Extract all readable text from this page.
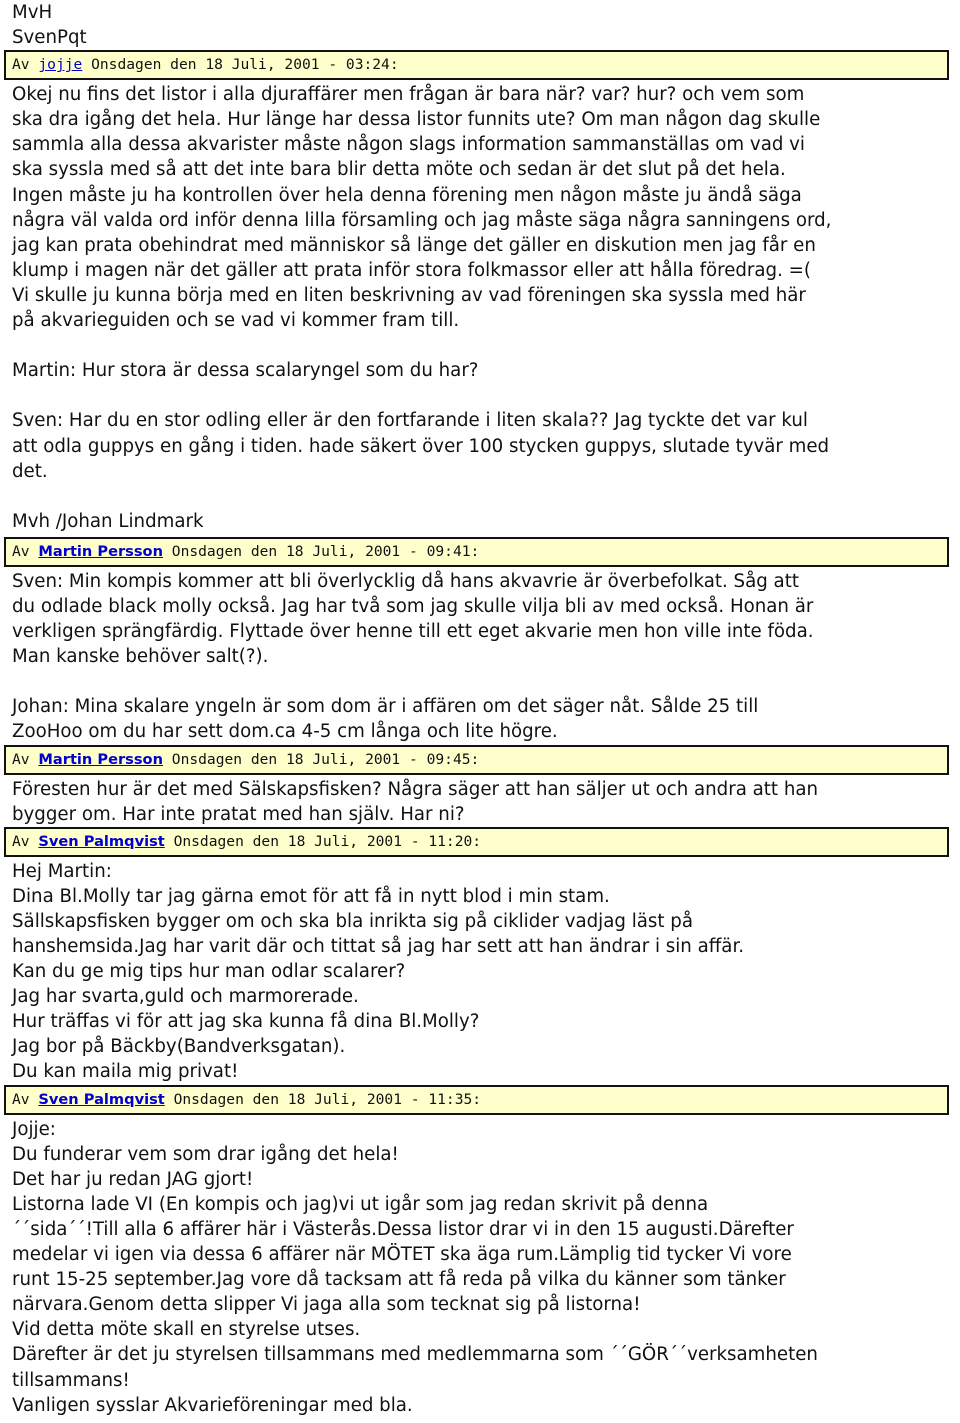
MvH
SvenPqt
Av jojje Onsdagen den 18 Juli, 2001 - 03:24:
Okej nu fins det listor i alla djuraffärer men frågan är bara när? var? hur? och vem som
ska dra igång det hela. Hur länge har dessa listor funnits ute? Om man någon dag skulle
sammla alla dessa akvarister måste någon slags information sammanställas om vad vi
ska syssla med så att det inte bara blir detta möte och sedan är det slut på det hela.
Ingen måste ju ha kontrollen över hela denna förening men någon måste ju ändå säga
några väl valda ord inför denna lilla församling och jag måste säga några sanningens ord,
jag kan prata obehindrat med människor så länge det gäller en diskution men jag får en
klump i magen när det gäller att prata inför stora folkmassor eller att hålla föredrag. =(
Vi skulle ju kunna börja med en liten beskrivning av vad föreningen ska syssla med här
på akvarieguiden och se vad vi kommer fram till.
Martin: Hur stora är dessa scalaryngel som du har?
Sven: Har du en stor odling eller är den fortfarande i liten skala?? Jag tyckte det var kul
att odla guppys en gång i tiden. hade säkert över 100 stycken guppys, slutade tyvär med
det.
Mvh /Johan Lindmark
Av Martin Persson Onsdagen den 18 Juli, 2001 - 09:41:
Sven: Min kompis kommer att bli överlycklig då hans akvavrie är överbefolkat. Såg att
du odlade black molly också. Jag har två som jag skulle vilja bli av med också. Honan är
verkligen sprängfärdig. Flyttade över henne till ett eget akvarie men hon ville inte föda.
Man kanske behöver salt(?).
Johan: Mina skalare yngeln är som dom är i affären om det säger nåt. Sålde 25 till
ZooHoo om du har sett dom.ca 4-5 cm långa och lite högre.
Av Martin Persson Onsdagen den 18 Juli, 2001 - 09:45:
Föresten hur är det med Sälskapsfisken? Några säger att han säljer ut och andra att han
bygger om. Har inte pratat med han själv. Har ni?
Av Sven Palmqvist Onsdagen den 18 Juli, 2001 - 11:20:
Hej Martin:
Dina Bl.Molly tar jag gärna emot för att få in nytt blod i min stam.
Sällskapsfisken bygger om och ska bla inrikta sig på ciklider vadjag läst på
hanshemsida.Jag har varit där och tittat så jag har sett att han ändrar i sin affär.
Kan du ge mig tips hur man odlar scalarer?
Jag har svarta,guld och marmorerade.
Hur träffas vi för att jag ska kunna få dina Bl.Molly?
Jag bor på Bäckby(Bandverksgatan).
Du kan maila mig privat!
Av Sven Palmqvist Onsdagen den 18 Juli, 2001 - 11:35:
Jojje:
Du funderar vem som drar igång det hela!
Det har ju redan JAG gjort!
Listorna lade VI (En kompis och jag)vi ut igår som jag redan skrivit på denna
´´sida´´!Till alla 6 affärer här i Västerås.Dessa listor drar vi in den 15 augusti.Därefter
medelar vi igen via dessa 6 affärer när MÖTET ska äga rum.Lämplig tid tycker Vi vore
runt 15-25 september.Jag vore då tacksam att få reda på vilka du känner som tänker
närvara.Genom detta slipper Vi jaga alla som tecknat sig på listorna!
Vid detta möte skall en styrelse utses.
Därefter är det ju styrelsen tillsammans med medlemmarna som ´´GÖR´´verksamheten
tillsammans!
Vanligen sysslar Akvarieföreningar med bla.
